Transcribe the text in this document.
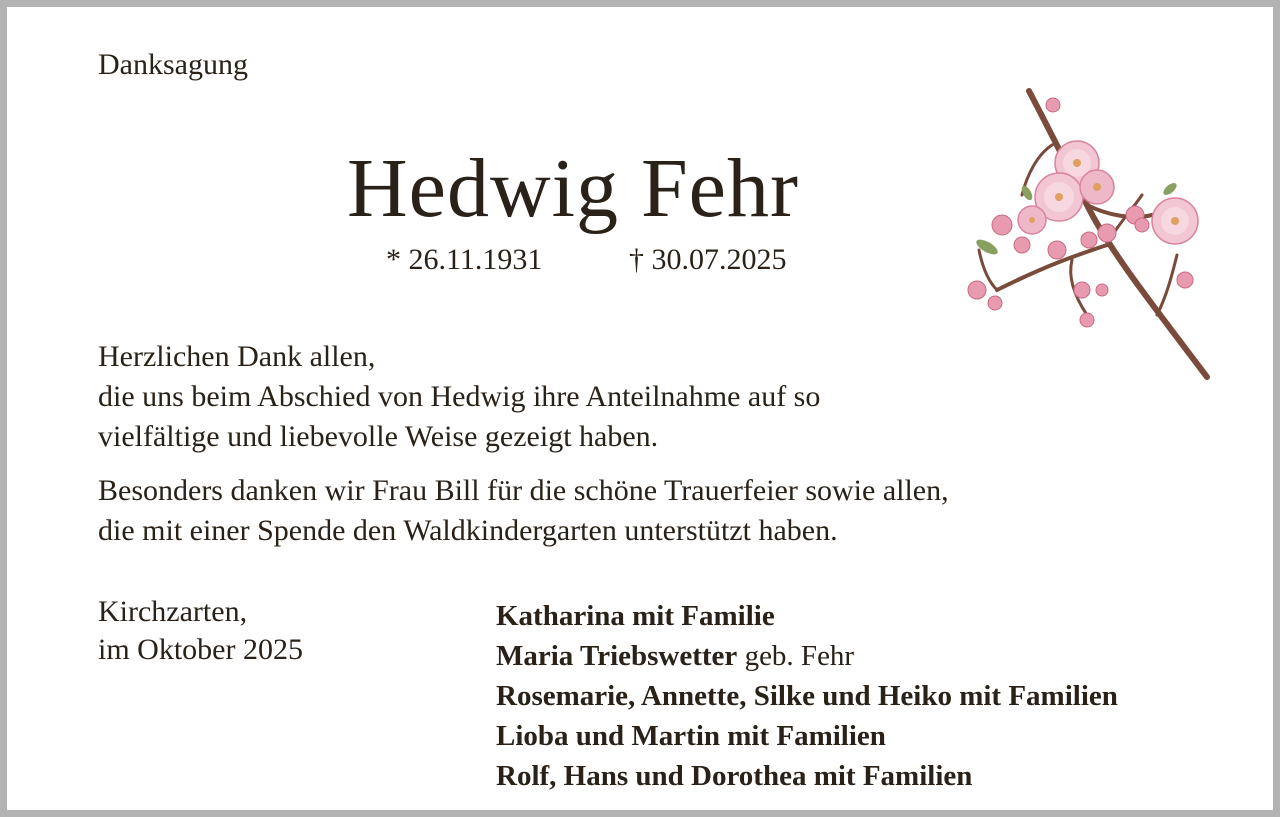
Danksagung
Hedwig Fehr
* 26.11.1931	† 30.07.2025
Herzlichen Dank allen,
die uns beim Abschied von Hedwig ihre Anteilnahme auf so
vielfältige und liebevolle Weise gezeigt haben.
Besonders danken wir Frau Bill für die schöne Trauerfeier sowie allen,
die mit einer Spende den Waldkindergarten unterstützt haben.
Kirchzarten,
im Oktober 2025
Katharina mit Familie
Maria Triebswetter geb. Fehr
Rosemarie, Annette, Silke und Heiko mit Familien
Lioba und Martin mit Familien
Rolf, Hans und Dorothea mit Familien
